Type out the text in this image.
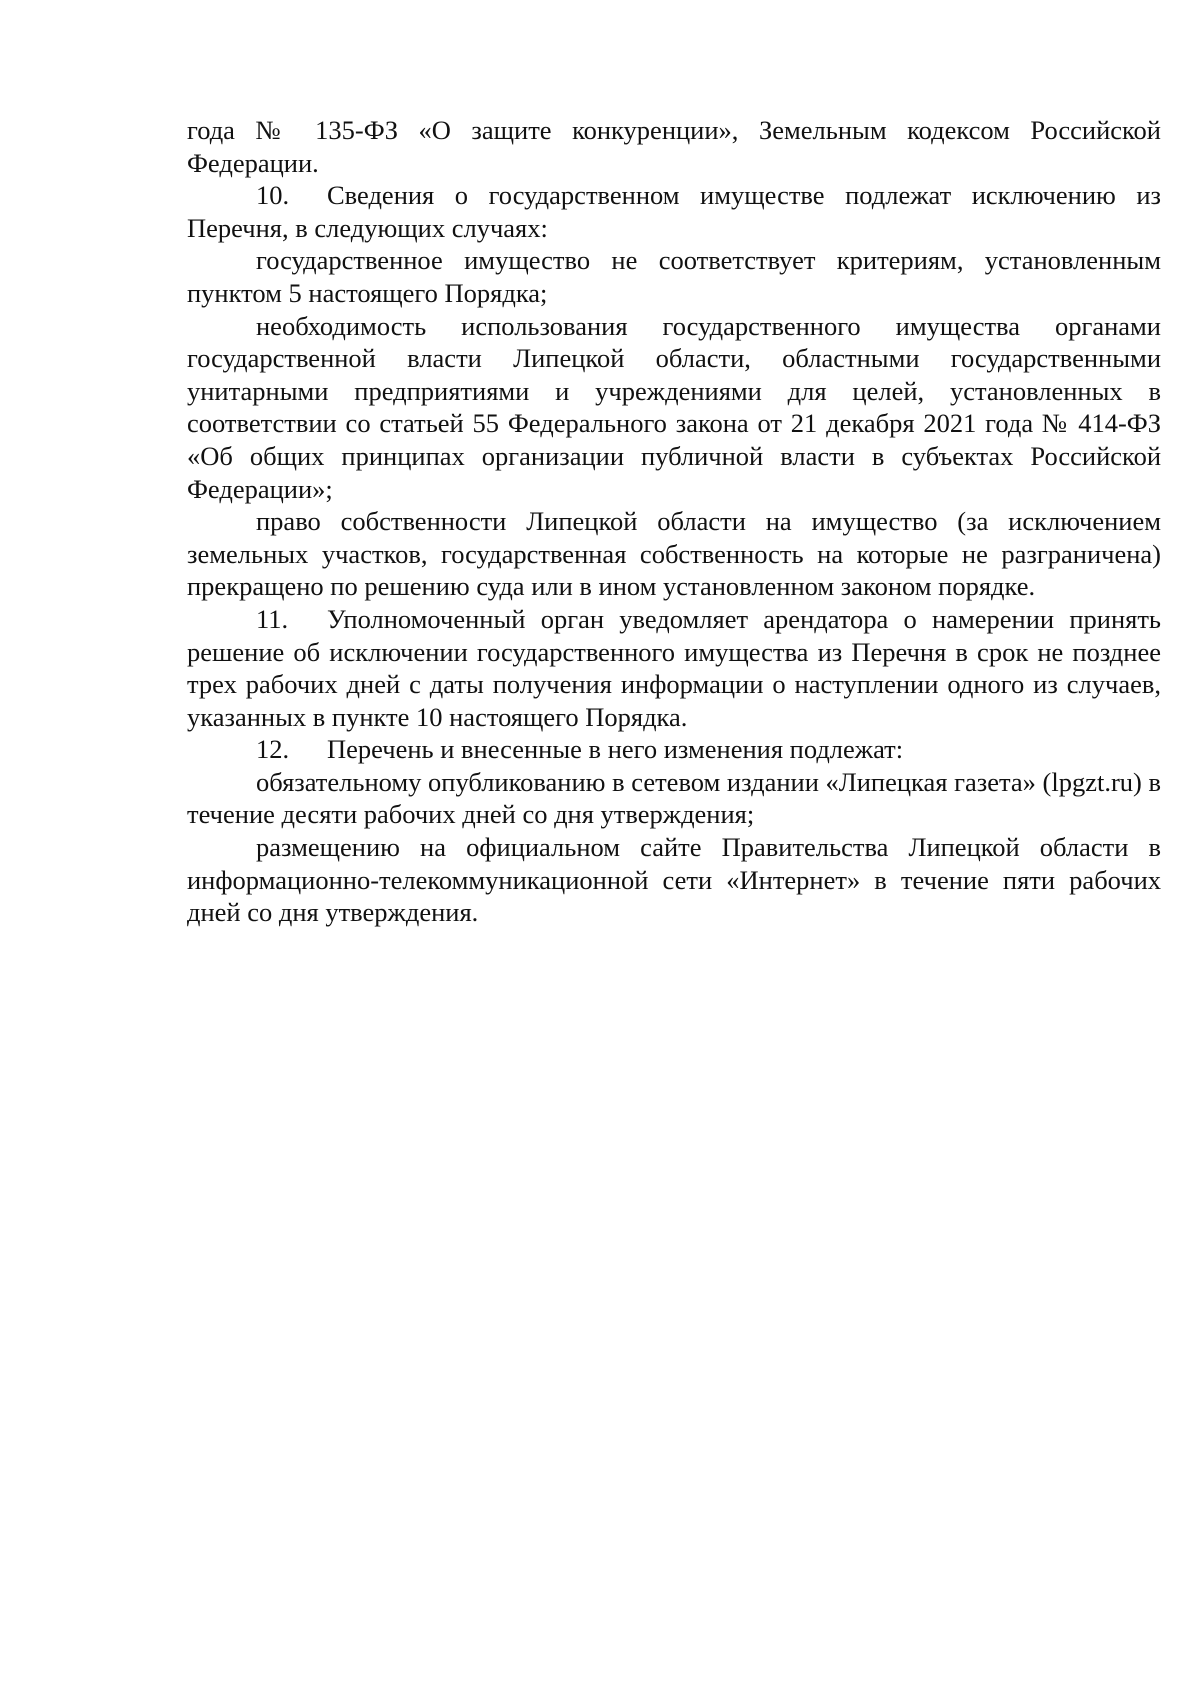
года № 135-ФЗ «О защите конкуренции», Земельным кодексом Российской Федерации.

10. Сведения о государственном имуществе подлежат исключению из Перечня, в следующих случаях:

государственное имущество не соответствует критериям, установленным пунктом 5 настоящего Порядка;

необходимость использования государственного имущества органами государственной власти Липецкой области, областными государственными унитарными предприятиями и учреждениями для целей, установленных в соответствии со статьей 55 Федерального закона от 21 декабря 2021 года № 414-ФЗ «Об общих принципах организации публичной власти в субъектах Российской Федерации»;

право собственности Липецкой области на имущество (за исключением земельных участков, государственная собственность на которые не разграничена) прекращено по решению суда или в ином установленном законом порядке.

11. Уполномоченный орган уведомляет арендатора о намерении принять решение об исключении государственного имущества из Перечня в срок не позднее трех рабочих дней с даты получения информации о наступлении одного из случаев, указанных в пункте 10 настоящего Порядка.

12. Перечень и внесенные в него изменения подлежат:

обязательному опубликованию в сетевом издании «Липецкая газета» (lpgzt.ru) в течение десяти рабочих дней со дня утверждения;

размещению на официальном сайте Правительства Липецкой области в информационно-телекоммуникационной сети «Интернет» в течение пяти рабочих дней со дня утверждения.
